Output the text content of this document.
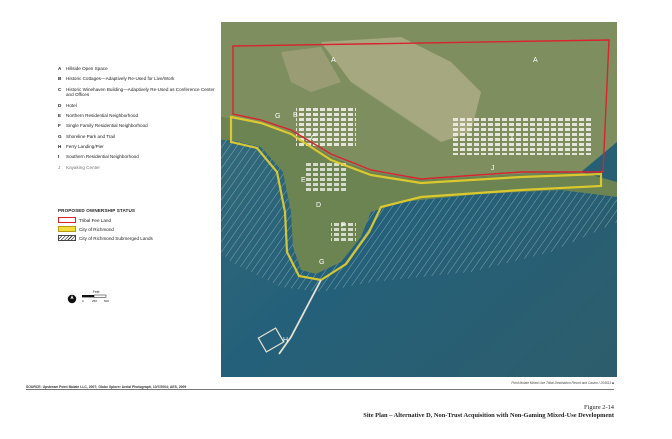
A	Hillside Open Space
B	Historic Cottages—Adaptively Re-Used for Live/Work
C	Historic Winehaven Building—Adaptively Re-Used as Conference Center and Offices
D	Hotel
E	Northern Residential Neighborhood
F	Single Family Residential Neighborhood
G Shoreline Park and Trail
H	Ferry Landing/Pier
I	Southern Residential Neighborhood
J	Kayaking Center
PROPOSED OWNERSHIP STATUS
Tribal Fee Land
City of Richmond
City of Richmond Submerged Lands
Feet
0	250 500
A	A
B
C
D
E
F
G
G
H
I
J
Point Molate Mixed-Use Tribal Destination Resort and Casino / 204513 ■
SOURCE: Upstream Point Molate LLC, 2007; Globe Xplorer Aerial Photograph, 10/7/2004; AES, 2009
Figure 2-14
Site Plan – Alternative D, Non-Trust Acquisition with Non-Gaming Mixed-Use Development
